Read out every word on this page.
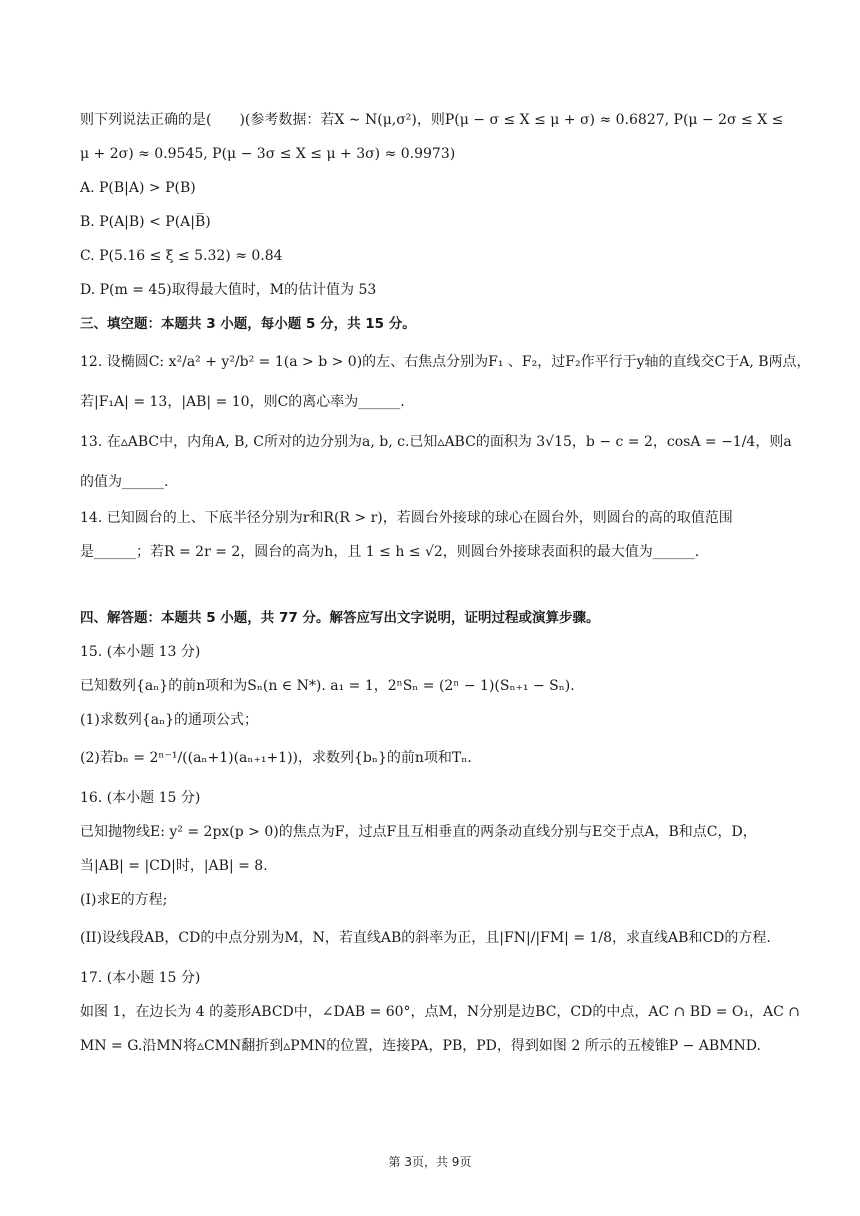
则下列说法正确的是(　　)(参考数据：若X ∼ N(μ,σ²)，则P(μ − σ ≤ X ≤ μ + σ) ≈ 0.6827, P(μ − 2σ ≤ X ≤
μ + 2σ) ≈ 0.9545, P(μ − 3σ ≤ X ≤ μ + 3σ) ≈ 0.9973)
A. P(B|A) > P(B)
B. P(A|B) < P(A|B̅)
C. P(5.16 ≤ ξ ≤ 5.32) ≈ 0.84
D. P(m = 45)取得最大值时，M的估计值为 53
三、填空题：本题共 3 小题，每小题 5 分，共 15 分。
12. 设椭圆C: x²/a² + y²/b² = 1(a > b > 0)的左、右焦点分别为F₁ 、F₂，过F₂作平行于y轴的直线交C于A, B两点，
若|F₁A| = 13，|AB| = 10，则C的离心率为______.
13. 在▵ABC中，内角A, B, C所对的边分别为a, b, c.已知▵ABC的面积为 3√15，b − c = 2，cosA = −1/4，则a
的值为______.
14. 已知圆台的上、下底半径分别为r和R(R > r)，若圆台外接球的球心在圆台外，则圆台的高的取值范围
是______；若R = 2r = 2，圆台的高为h，且 1 ≤ h ≤ √2，则圆台外接球表面积的最大值为______.
四、解答题：本题共 5 小题，共 77 分。解答应写出文字说明，证明过程或演算步骤。
15. (本小题 13 分)
已知数列{aₙ}的前n项和为Sₙ(n ∈ N*). a₁ = 1，2ⁿSₙ = (2ⁿ − 1)(Sₙ₊₁ − Sₙ).
(1)求数列{aₙ}的通项公式；
(2)若bₙ = 2ⁿ⁻¹/((aₙ+1)(aₙ₊₁+1))，求数列{bₙ}的前n项和Tₙ.
16. (本小题 15 分)
已知抛物线E: y² = 2px(p > 0)的焦点为F，过点F且互相垂直的两条动直线分别与E交于点A，B和点C，D，
当|AB| = |CD|时，|AB| = 8.
(I)求E的方程;
(II)设线段AB，CD的中点分别为M，N，若直线AB的斜率为正，且|FN|/|FM| = 1/8，求直线AB和CD的方程.
17. (本小题 15 分)
如图 1，在边长为 4 的菱形ABCD中，∠DAB = 60°，点M，N分别是边BC，CD的中点，AC ∩ BD = O₁，AC ∩
MN = G.沿MN将▵CMN翻折到▵PMN的位置，连接PA，PB，PD，得到如图 2 所示的五棱锥P − ABMND.
第 3页，共 9页
